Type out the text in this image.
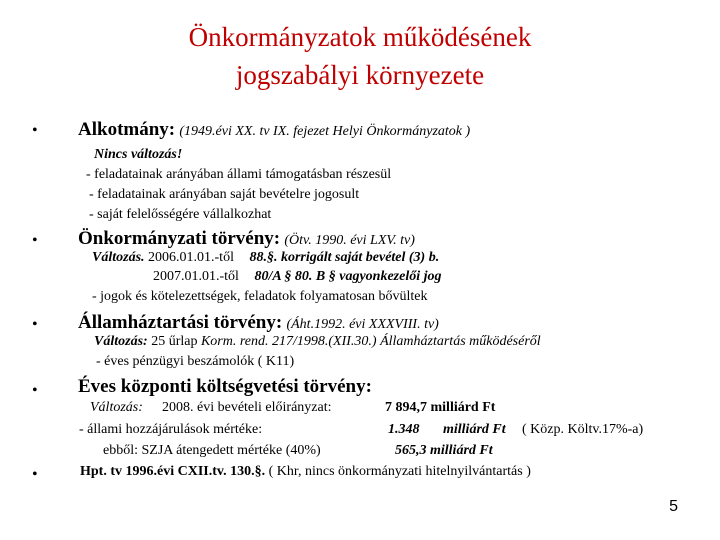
Önkormányzatok működésének
jogszabályi környezete
• Alkotmány: (1949.évi XX. tv IX. fejezet Helyi Önkormányzatok )
Nincs változás!
- feladatainak arányában állami támogatásban részesül
- feladatainak arányában saját bevételre jogosult
- saját felelősségére vállalkozhat
• Önkormányzati törvény: (Ötv. 1990. évi LXV. tv)
Változás. 2006.01.01.-től 88.§. korrigált saját bevétel (3) b.
2007.01.01.-től 80/A § 80. B § vagyonkezelői jog
- jogok és kötelezettségek, feladatok folyamatosan bővültek
• Államháztartási törvény: (Áht.1992. évi XXXVIII. tv)
Változás: 25 űrlap Korm. rend. 217/1998.(XII.30.) Államháztartás működéséről
- éves pénzügyi beszámolók ( K11)
• Éves központi költségvetési törvény:
Változás: 2008. évi bevételi előirányzat:	7 894,7 milliárd Ft
- állami hozzájárulások mértéke:	1.348 milliárd Ft ( Közp. Költv.17%-a)
ebből: SZJA átengedett mértéke (40%)	565,3 milliárd Ft
•	Hpt. tv 1996.évi CXII.tv. 130.§. ( Khr, nincs önkormányzati hitelnyilvántartás )
5
